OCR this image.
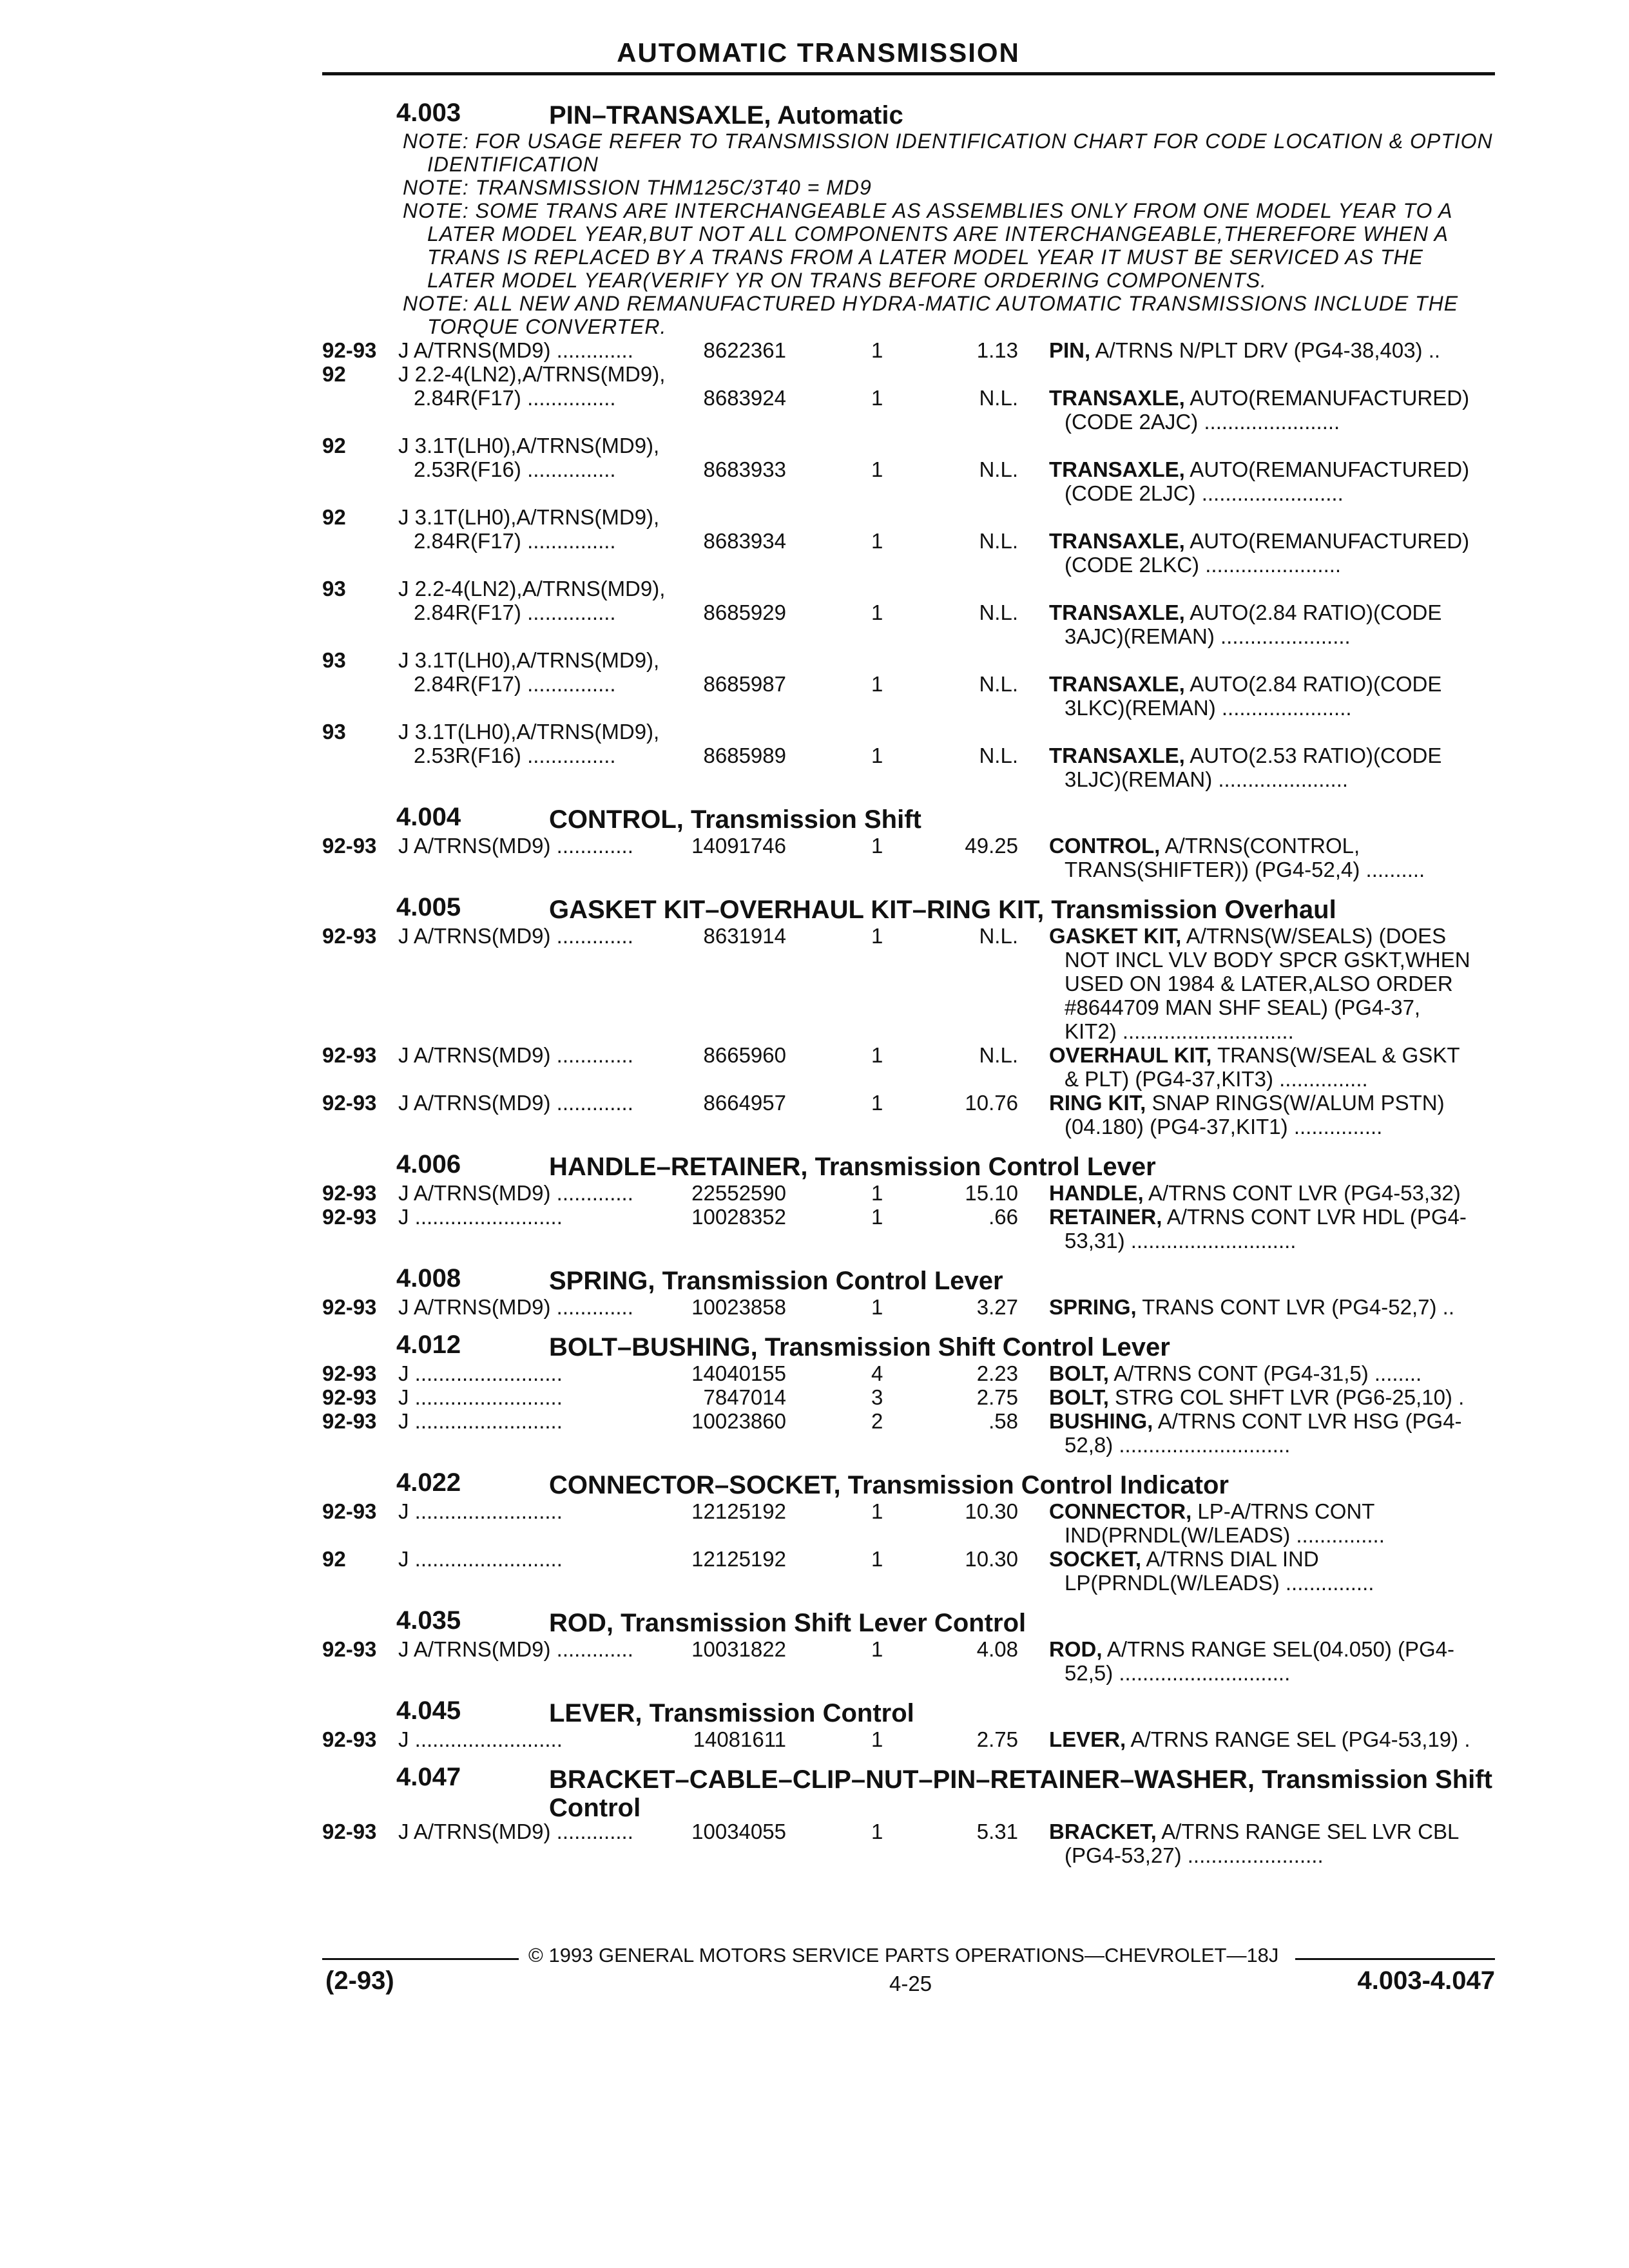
AUTOMATIC TRANSMISSION
4.003	PIN–TRANSAXLE, Automatic
NOTE: FOR USAGE REFER TO TRANSMISSION IDENTIFICATION CHART FOR CODE LOCATION & OPTION

IDENTIFICATION
NOTE: TRANSMISSION THM125C/3T40 = MD9
NOTE: SOME TRANS ARE INTERCHANGEABLE AS ASSEMBLIES ONLY FROM ONE MODEL YEAR TO A

LATER MODEL YEAR,BUT NOT ALL COMPONENTS ARE INTERCHANGEABLE,THEREFORE WHEN A
TRANS IS REPLACED BY A TRANS FROM A LATER MODEL YEAR IT MUST BE SERVICED AS THE
LATER MODEL YEAR(VERIFY YR ON TRANS BEFORE ORDERING COMPONENTS.
NOTE: ALL NEW AND REMANUFACTURED HYDRA-MATIC AUTOMATIC TRANSMISSIONS INCLUDE THE

TORQUE CONVERTER.
92-93 J A/TRNS(MD9) .............	8622361	1	1.13 PIN, A/TRNS N/PLT DRV (PG4-38,403) ..
92 J 2.2-4(LN2),A/TRNS(MD9),
2.84R(F17) ...............	8683924	1	N.L. TRANSAXLE, AUTO(REMANUFACTURED)
(CODE 2AJC) .......................
92 J 3.1T(LH0),A/TRNS(MD9),
2.53R(F16) ...............	8683933	1	N.L. TRANSAXLE, AUTO(REMANUFACTURED)
(CODE 2LJC) ........................
92 J 3.1T(LH0),A/TRNS(MD9),
2.84R(F17) ...............	8683934	1	N.L. TRANSAXLE, AUTO(REMANUFACTURED)
(CODE 2LKC) .......................
93 J 2.2-4(LN2),A/TRNS(MD9),
2.84R(F17) ...............	8685929	1	N.L. TRANSAXLE, AUTO(2.84 RATIO)(CODE
3AJC)(REMAN) ......................
93 J 3.1T(LH0),A/TRNS(MD9),
2.84R(F17) ...............	8685987	1	N.L. TRANSAXLE, AUTO(2.84 RATIO)(CODE
3LKC)(REMAN) ......................
93 J 3.1T(LH0),A/TRNS(MD9),
2.53R(F16) ...............	8685989	1	N.L. TRANSAXLE, AUTO(2.53 RATIO)(CODE
3LJC)(REMAN) ......................
4.004	CONTROL, Transmission Shift
92-93 J A/TRNS(MD9) .............	14091746	1	49.25 CONTROL, A/TRNS(CONTROL,
TRANS(SHIFTER)) (PG4-52,4) ..........
4.005	GASKET KIT–OVERHAUL KIT–RING KIT, Transmission Overhaul
92-93 J A/TRNS(MD9) .............	8631914	1	N.L. GASKET KIT, A/TRNS(W/SEALS) (DOES
NOT INCL VLV BODY SPCR GSKT,WHEN
USED ON 1984 & LATER,ALSO ORDER
#8644709 MAN SHF SEAL) (PG4-37,
KIT2) .............................
92-93 J A/TRNS(MD9) .............	8665960	1	N.L. OVERHAUL KIT, TRANS(W/SEAL & GSKT
& PLT) (PG4-37,KIT3) ...............
92-93 J A/TRNS(MD9) .............	8664957	1	10.76 RING KIT, SNAP RINGS(W/ALUM PSTN)
(04.180) (PG4-37,KIT1) ...............
4.006	HANDLE–RETAINER, Transmission Control Lever
92-93 J A/TRNS(MD9) .............	22552590	1	15.10 HANDLE, A/TRNS CONT LVR (PG4-53,32)
92-93 J .........................	10028352	1	.66 RETAINER, A/TRNS CONT LVR HDL (PG4-
53,31) ............................
4.008	SPRING, Transmission Control Lever
92-93 J A/TRNS(MD9) .............	10023858	1	3.27 SPRING, TRANS CONT LVR (PG4-52,7) ..
4.012	BOLT–BUSHING, Transmission Shift Control Lever
92-93 J .........................	14040155	4	2.23 BOLT, A/TRNS CONT (PG4-31,5) ........
92-93 J .........................	7847014	3	2.75 BOLT, STRG COL SHFT LVR (PG6-25,10) .
92-93 J .........................	10023860	2	.58 BUSHING, A/TRNS CONT LVR HSG (PG4-
52,8) .............................
4.022	CONNECTOR–SOCKET, Transmission Control Indicator
92-93 J .........................	12125192	1	10.30 CONNECTOR, LP-A/TRNS CONT
IND(PRNDL(W/LEADS) ...............
92 J .........................	12125192	1	10.30 SOCKET, A/TRNS DIAL IND
LP(PRNDL(W/LEADS) ...............
4.035	ROD, Transmission Shift Lever Control
92-93 J A/TRNS(MD9) .............	10031822	1	4.08 ROD, A/TRNS RANGE SEL(04.050) (PG4-
52,5) .............................
4.045	LEVER, Transmission Control
92-93 J .........................	14081611	1	2.75 LEVER, A/TRNS RANGE SEL (PG4-53,19) .
4.047	BRACKET–CABLE–CLIP–NUT–PIN–RETAINER–WASHER, Transmission Shift Control
92-93 J A/TRNS(MD9) .............	10034055	1	5.31 BRACKET, A/TRNS RANGE SEL LVR CBL
(PG4-53,27) .......................
© 1993 GENERAL MOTORS SERVICE PARTS OPERATIONS—CHEVROLET—18J
(2-93)	4-25	4.003-4.047
